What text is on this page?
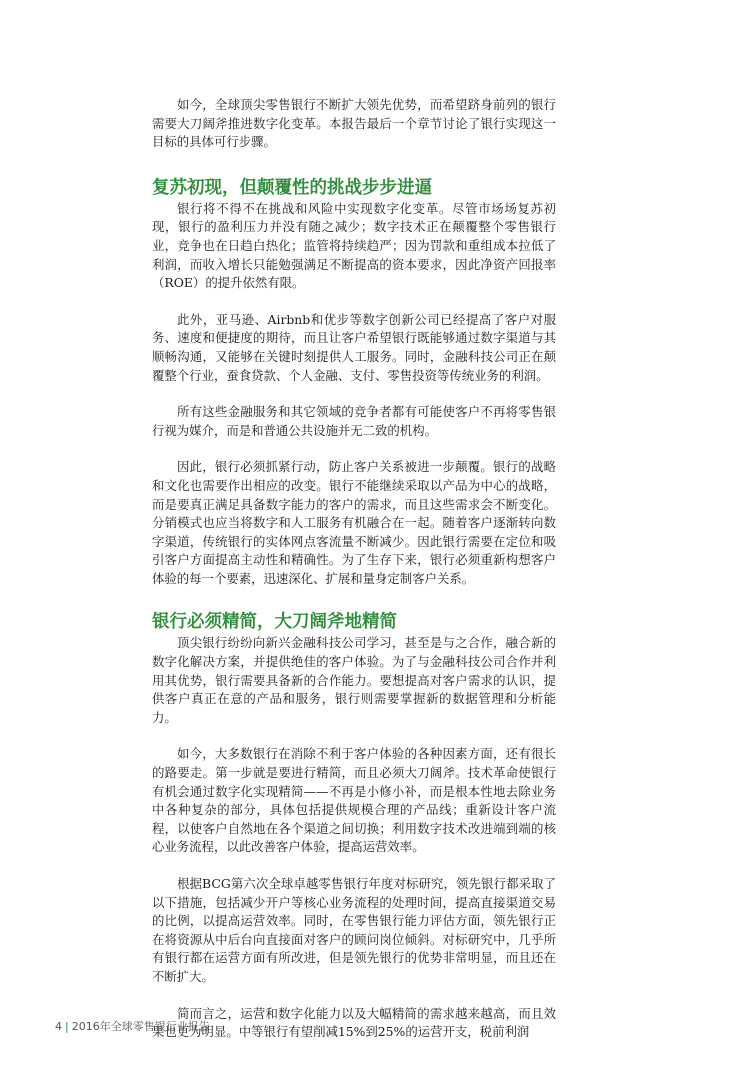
如今，全球顶尖零售银行不断扩大领先优势，而希望跻身前列的银行需要大刀阔斧推进数字化变革。本报告最后一个章节讨论了银行实现这一目标的具体可行步骤。

复苏初现，但颠覆性的挑战步步进逼

银行将不得不在挑战和风险中实现数字化变革。尽管市场场复苏初现，银行的盈利压力并没有随之减少；数字技术正在颠覆整个零售银行业，竞争也在日趋白热化；监管将持续趋严；因为罚款和重组成本拉低了利润，而收入增长只能勉强满足不断提高的资本要求，因此净资产回报率（ROE）的提升依然有限。

此外，亚马逊、Airbnb和优步等数字创新公司已经提高了客户对服务、速度和便捷度的期待，而且让客户希望银行既能够通过数字渠道与其顺畅沟通，又能够在关键时刻提供人工服务。同时，金融科技公司正在颠覆整个行业，蚕食贷款、个人金融、支付、零售投资等传统业务的利润。

所有这些金融服务和其它领域的竞争者都有可能使客户不再将零售银行视为媒介，而是和普通公共设施并无二致的机构。

因此，银行必须抓紧行动，防止客户关系被进一步颠覆。银行的战略和文化也需要作出相应的改变。银行不能继续采取以产品为中心的战略，而是要真正满足具备数字能力的客户的需求，而且这些需求会不断变化。分销模式也应当将数字和人工服务有机融合在一起。随着客户逐渐转向数字渠道，传统银行的实体网点客流量不断减少。因此银行需要在定位和吸引客户方面提高主动性和精确性。为了生存下来，银行必须重新构想客户体验的每一个要素，迅速深化、扩展和量身定制客户关系。

银行必须精简，大刀阔斧地精简

顶尖银行纷纷向新兴金融科技公司学习，甚至是与之合作，融合新的数字化解决方案，并提供绝佳的客户体验。为了与金融科技公司合作并利用其优势，银行需要具备新的合作能力。要想提高对客户需求的认识，提供客户真正在意的产品和服务，银行则需要掌握新的数据管理和分析能力。

如今，大多数银行在消除不利于客户体验的各种因素方面，还有很长的路要走。第一步就是要进行精简，而且必须大刀阔斧。技术革命使银行有机会通过数字化实现精简——不再是小修小补，而是根本性地去除业务中各种复杂的部分，具体包括提供规模合理的产品线；重新设计客户流程，以使客户自然地在各个渠道之间切换；利用数字技术改进端到端的核心业务流程，以此改善客户体验，提高运营效率。

根据BCG第六次全球卓越零售银行年度对标研究，领先银行都采取了以下措施，包括减少开户等核心业务流程的处理时间，提高直接渠道交易的比例，以提高运营效率。同时，在零售银行能力评估方面，领先银行正在将资源从中后台向直接面对客户的顾问岗位倾斜。对标研究中，几乎所有银行都在运营方面有所改进，但是领先银行的优势非常明显，而且还在不断扩大。

简而言之，运营和数字化能力以及大幅精简的需求越来越高，而且效果也更为明显。中等银行有望削减15%到25%的运营开支，税前利润

4 | 2016年全球零售银行业报告
